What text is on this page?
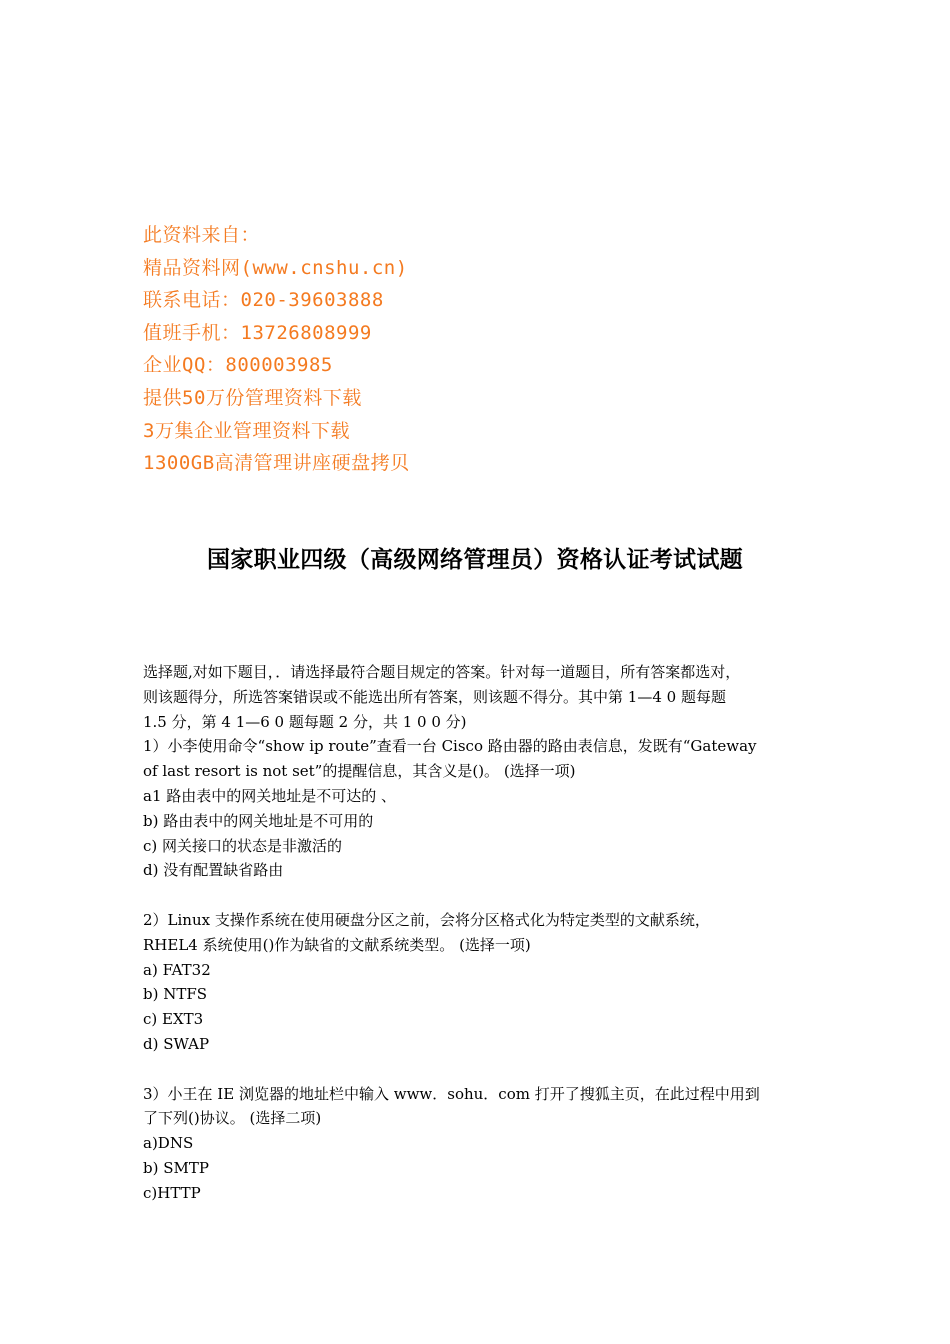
此资料来自：
精品资料网(www.cnshu.cn)
联系电话：020-39603888
值班手机：13726808999
企业QQ：800003985
提供50万份管理资料下载
3万集企业管理资料下载
1300GB高清管理讲座硬盘拷贝
国家职业四级（高级网络管理员）资格认证考试试题
选择题,对如下题目，．请选择最符合题目规定的答案。针对每一道题目，所有答案都选对，
则该题得分，所选答案错误或不能选出所有答案，则该题不得分。其中第 1—4 0 题每题
1.5 分，第 4 1—6 0 题每题 2 分，共 1 0 0 分)
1）小李使用命令“show ip route”查看一台 Cisco 路由器的路由表信息，发既有“Gateway
of last resort is not set”的提醒信息，其含义是()。 (选择一项)
a1 路由表中的网关地址是不可达的 、
b) 路由表中的网关地址是不可用的
c) 网关接口的状态是非激活的
d) 没有配置缺省路由
2）Linux 支操作系统在使用硬盘分区之前，会将分区格式化为特定类型的文献系统，
RHEL4 系统使用()作为缺省的文献系统类型。 (选择一项)
a) FAT32
b) NTFS
c) EXT3
d) SWAP
3）小王在 IE 浏览器的地址栏中输入 www．sohu．com 打开了搜狐主页，在此过程中用到
了下列()协议。 (选择二项)
a)DNS
b) SMTP
c)HTTP
